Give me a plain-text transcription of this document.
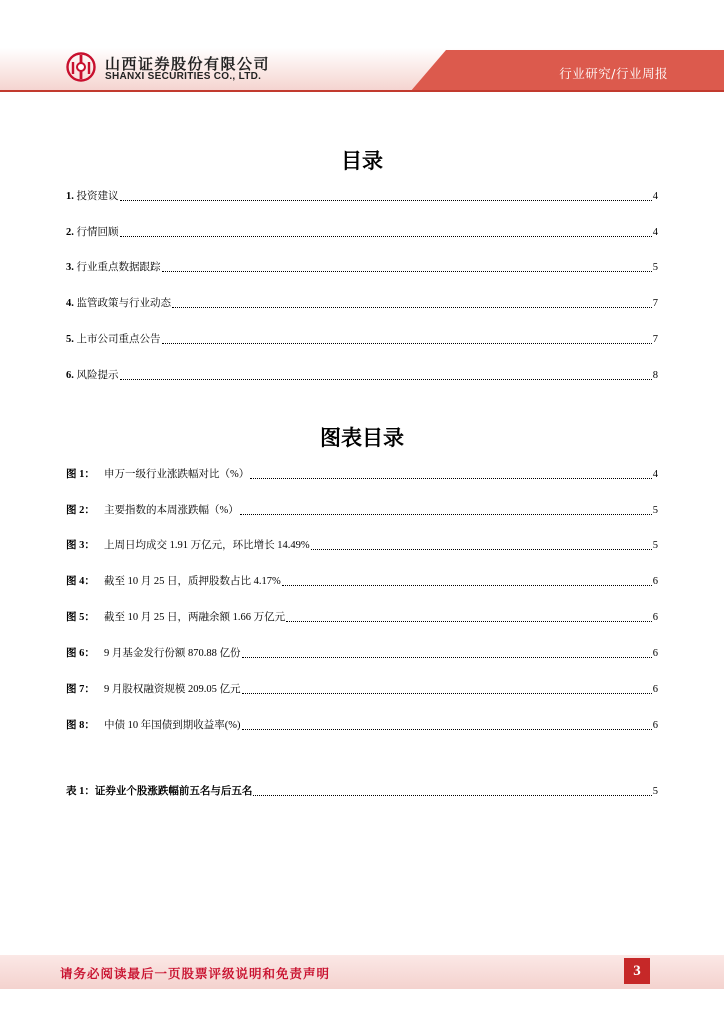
山西证券股份有限公司
SHANXI SECURITIES CO., LTD.	行业研究/行业周报
目录
1. 投资建议	4
2. 行情回顾	4
3. 行业重点数据跟踪	5
4. 监管政策与行业动态	7
5. 上市公司重点公告	7
6. 风险提示	8
图表目录
图 1： 申万一级行业涨跌幅对比（%）	4
图 2： 主要指数的本周涨跌幅（%）	5
图 3： 上周日均成交 1.91 万亿元，环比增长 14.49%	5
图 4： 截至 10 月 25 日，质押股数占比 4.17%	6
图 5： 截至 10 月 25 日，两融余额 1.66 万亿元	6
图 6： 9 月基金发行份额 870.88 亿份	6
图 7： 9 月股权融资规模 209.05 亿元	6
图 8： 中债 10 年国债到期收益率(%)	6
表 1：证券业个股涨跌幅前五名与后五名	5
请务必阅读最后一页股票评级说明和免责声明	3
